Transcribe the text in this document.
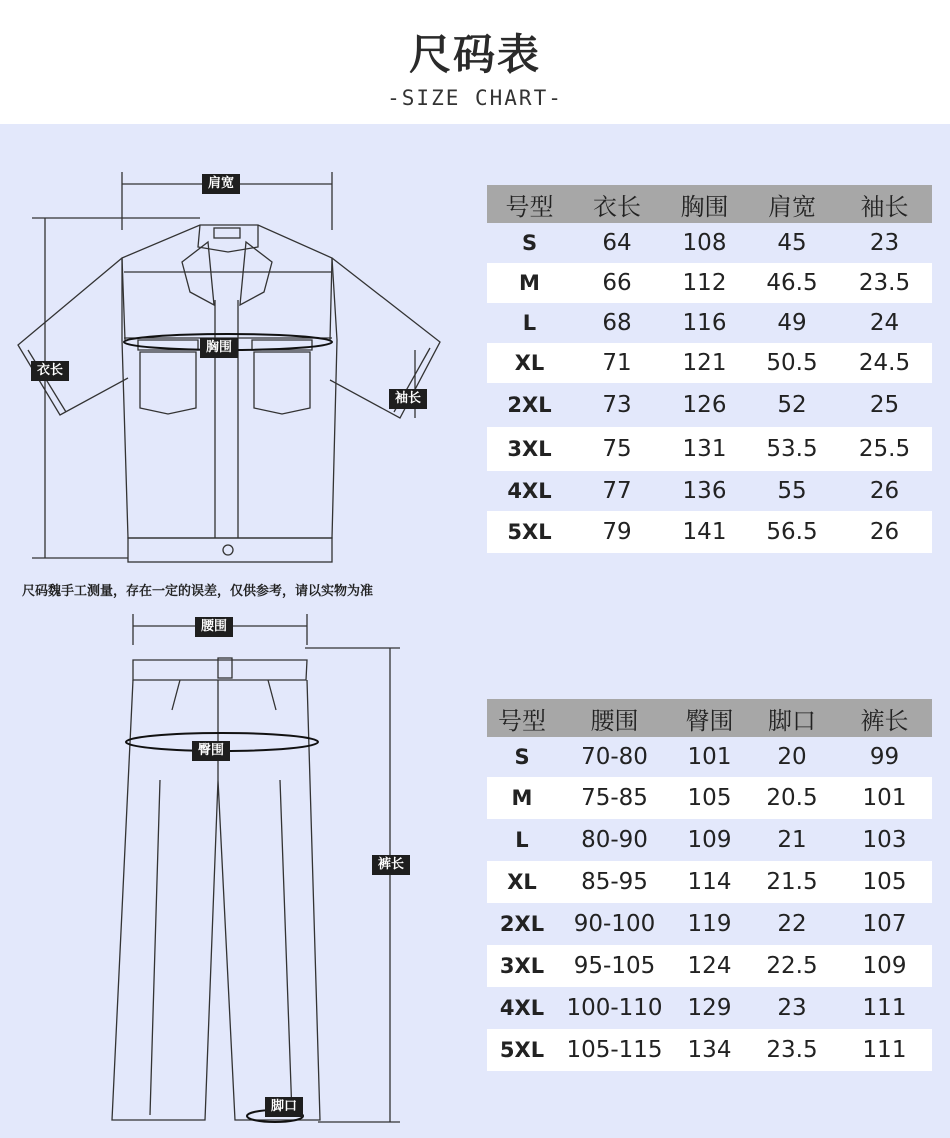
尺码表
-SIZE CHART-
肩宽
胸围
衣长
袖长
尺码魏手工测量，存在一定的误差，仅供参考，请以实物为准
腰围
臀围
裤长
脚口
号型	衣长	胸围	肩宽	袖长
S	64	108	45	23
M	66	112	46.5	23.5
L	68	116	49	24
XL	71	121	50.5	24.5
2XL	73	126	52	25
3XL	75	131	53.5	25.5
4XL	77	136	55	26
5XL	79	141	56.5	26
号型	腰围	臀围	脚口	裤长
S	70-80	101	20	99
M	75-85	105	20.5	101
L	80-90	109	21	103
XL	85-95	114	21.5	105
2XL	90-100	119	22	107
3XL	95-105	124	22.5	109
4XL	100-110	129	23	111
5XL	105-115	134	23.5	111
